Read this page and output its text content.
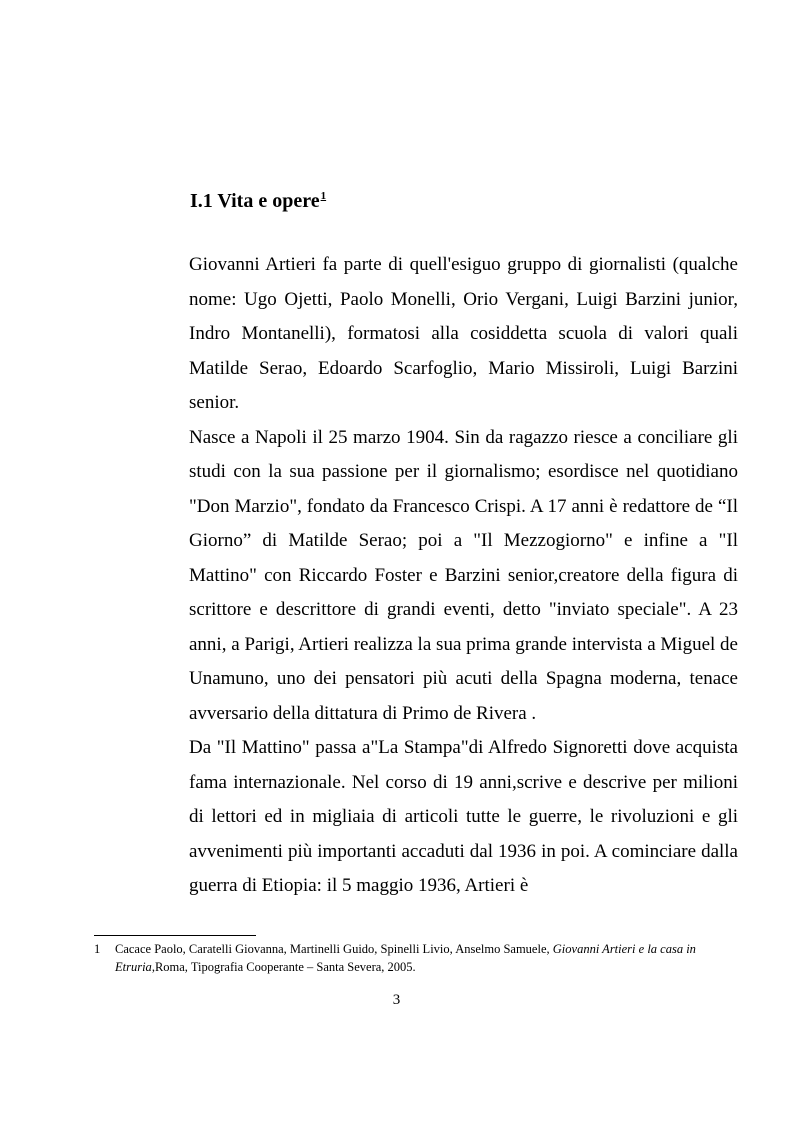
I.1 Vita e opere$^1$

Giovanni Artieri fa parte di quell'esiguo gruppo di giornalisti (qualche nome: Ugo Ojetti, Paolo Monelli, Orio Vergani, Luigi Barzini junior, Indro Montanelli), formatosi alla cosiddetta scuola di valori quali Matilde Serao, Edoardo Scarfoglio, Mario Missiroli, Luigi Barzini senior.

Nasce a Napoli il 25 marzo 1904. Sin da ragazzo riesce a conciliare gli studi con la sua passione per il giornalismo; esordisce nel quotidiano "Don Marzio", fondato da Francesco Crispi. A 17 anni è redattore de “Il Giorno” di Matilde Serao; poi a "Il Mezzogiorno" e infine a "Il Mattino" con Riccardo Foster e Barzini senior,creatore della figura di scrittore e descrittore di grandi eventi, detto "inviato speciale". A 23 anni, a Parigi, Artieri realizza la sua prima grande intervista a Miguel de Unamuno, uno dei pensatori più acuti della Spagna moderna, tenace avversario della dittatura di Primo de Rivera .

Da "Il Mattino" passa a"La Stampa"di Alfredo Signoretti dove acquista fama internazionale. Nel corso di 19 anni,scrive e descrive per milioni di lettori ed in migliaia di articoli tutte le guerre, le rivoluzioni e gli avvenimenti più importanti accaduti dal 1936 in poi. A cominciare dalla guerra di Etiopia: il 5 maggio 1936, Artieri è

1 Cacace Paolo, Caratelli Giovanna, Martinelli Guido, Spinelli Livio, Anselmo Samuele, Giovanni Artieri e la casa in Etruria,Roma, Tipografia Cooperante – Santa Severa, 2005.
3
